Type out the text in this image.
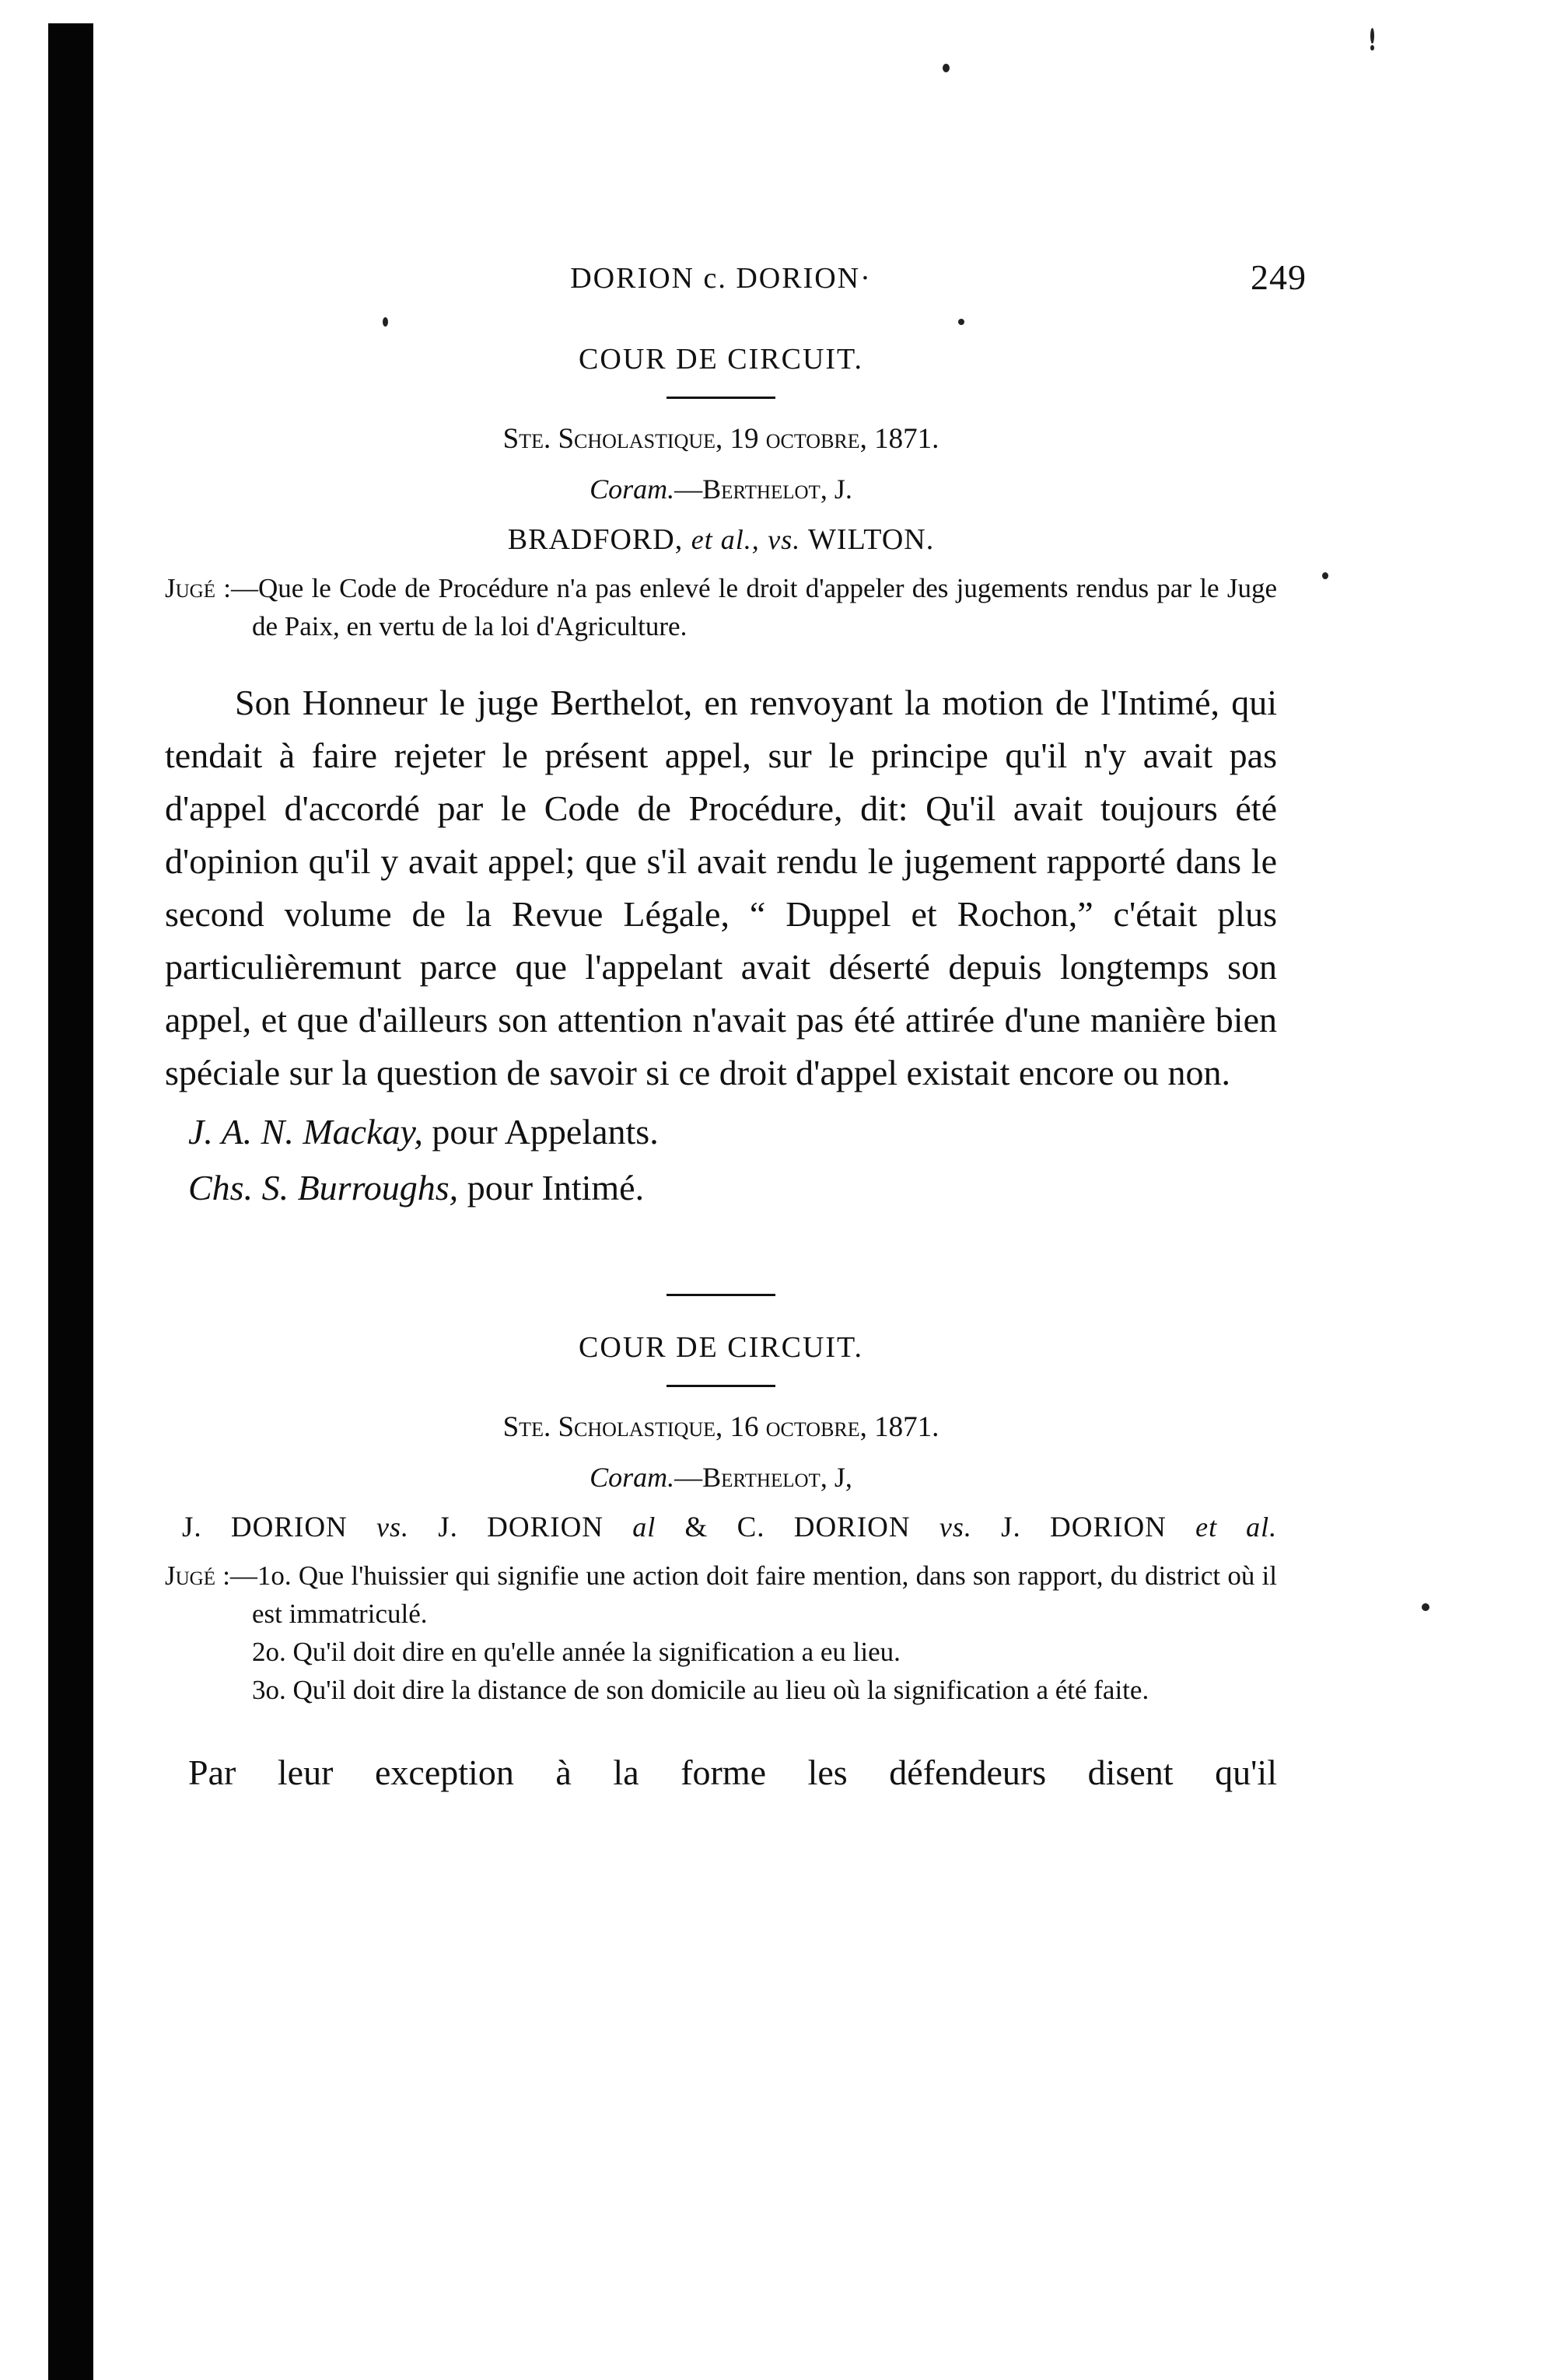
DORION c. DORION·	249
COUR DE CIRCUIT.
Ste. Scholastique, 19 octobre, 1871.
Coram.—Berthelot, J.
BRADFORD, et al., vs. WILTON.

Jugé :—Que le Code de Procédure n'a pas enlevé le droit d'appeler des jugements rendus par le Juge de Paix, en vertu de la loi d'Agriculture.

Son Honneur le juge Berthelot, en renvoyant la motion de l'Intimé, qui tendait à faire rejeter le présent appel, sur le principe qu'il n'y avait pas d'appel d'accordé par le Code de Procédure, dit: Qu'il avait toujours été d'opinion qu'il y avait appel; que s'il avait rendu le jugement rapporté dans le second volume de la Revue Légale, “ Duppel et Rochon,” c'était plus particulièremunt parce que l'appelant avait déserté depuis longtemps son appel, et que d'ailleurs son attention n'avait pas été attirée d'une manière bien spéciale sur la question de savoir si ce droit d'appel existait encore ou non.

J. A. N. Mackay, pour Appelants.
Chs. S. Burroughs, pour Intimé.
COUR DE CIRCUIT.
Ste. Scholastique, 16 octobre, 1871.
Coram.—Berthelot, J,
J. DORION vs. J. DORION al & C. DORION vs. J. DORION et al.

Jugé :—1o. Que l'huissier qui signifie une action doit faire mention, dans son rapport, du district où il est immatriculé.

2o. Qu'il doit dire en qu'elle année la signification a eu lieu.

3o. Qu'il doit dire la distance de son domicile au lieu où la signification a été faite.

Par leur exception à la forme les défendeurs disent qu'il
